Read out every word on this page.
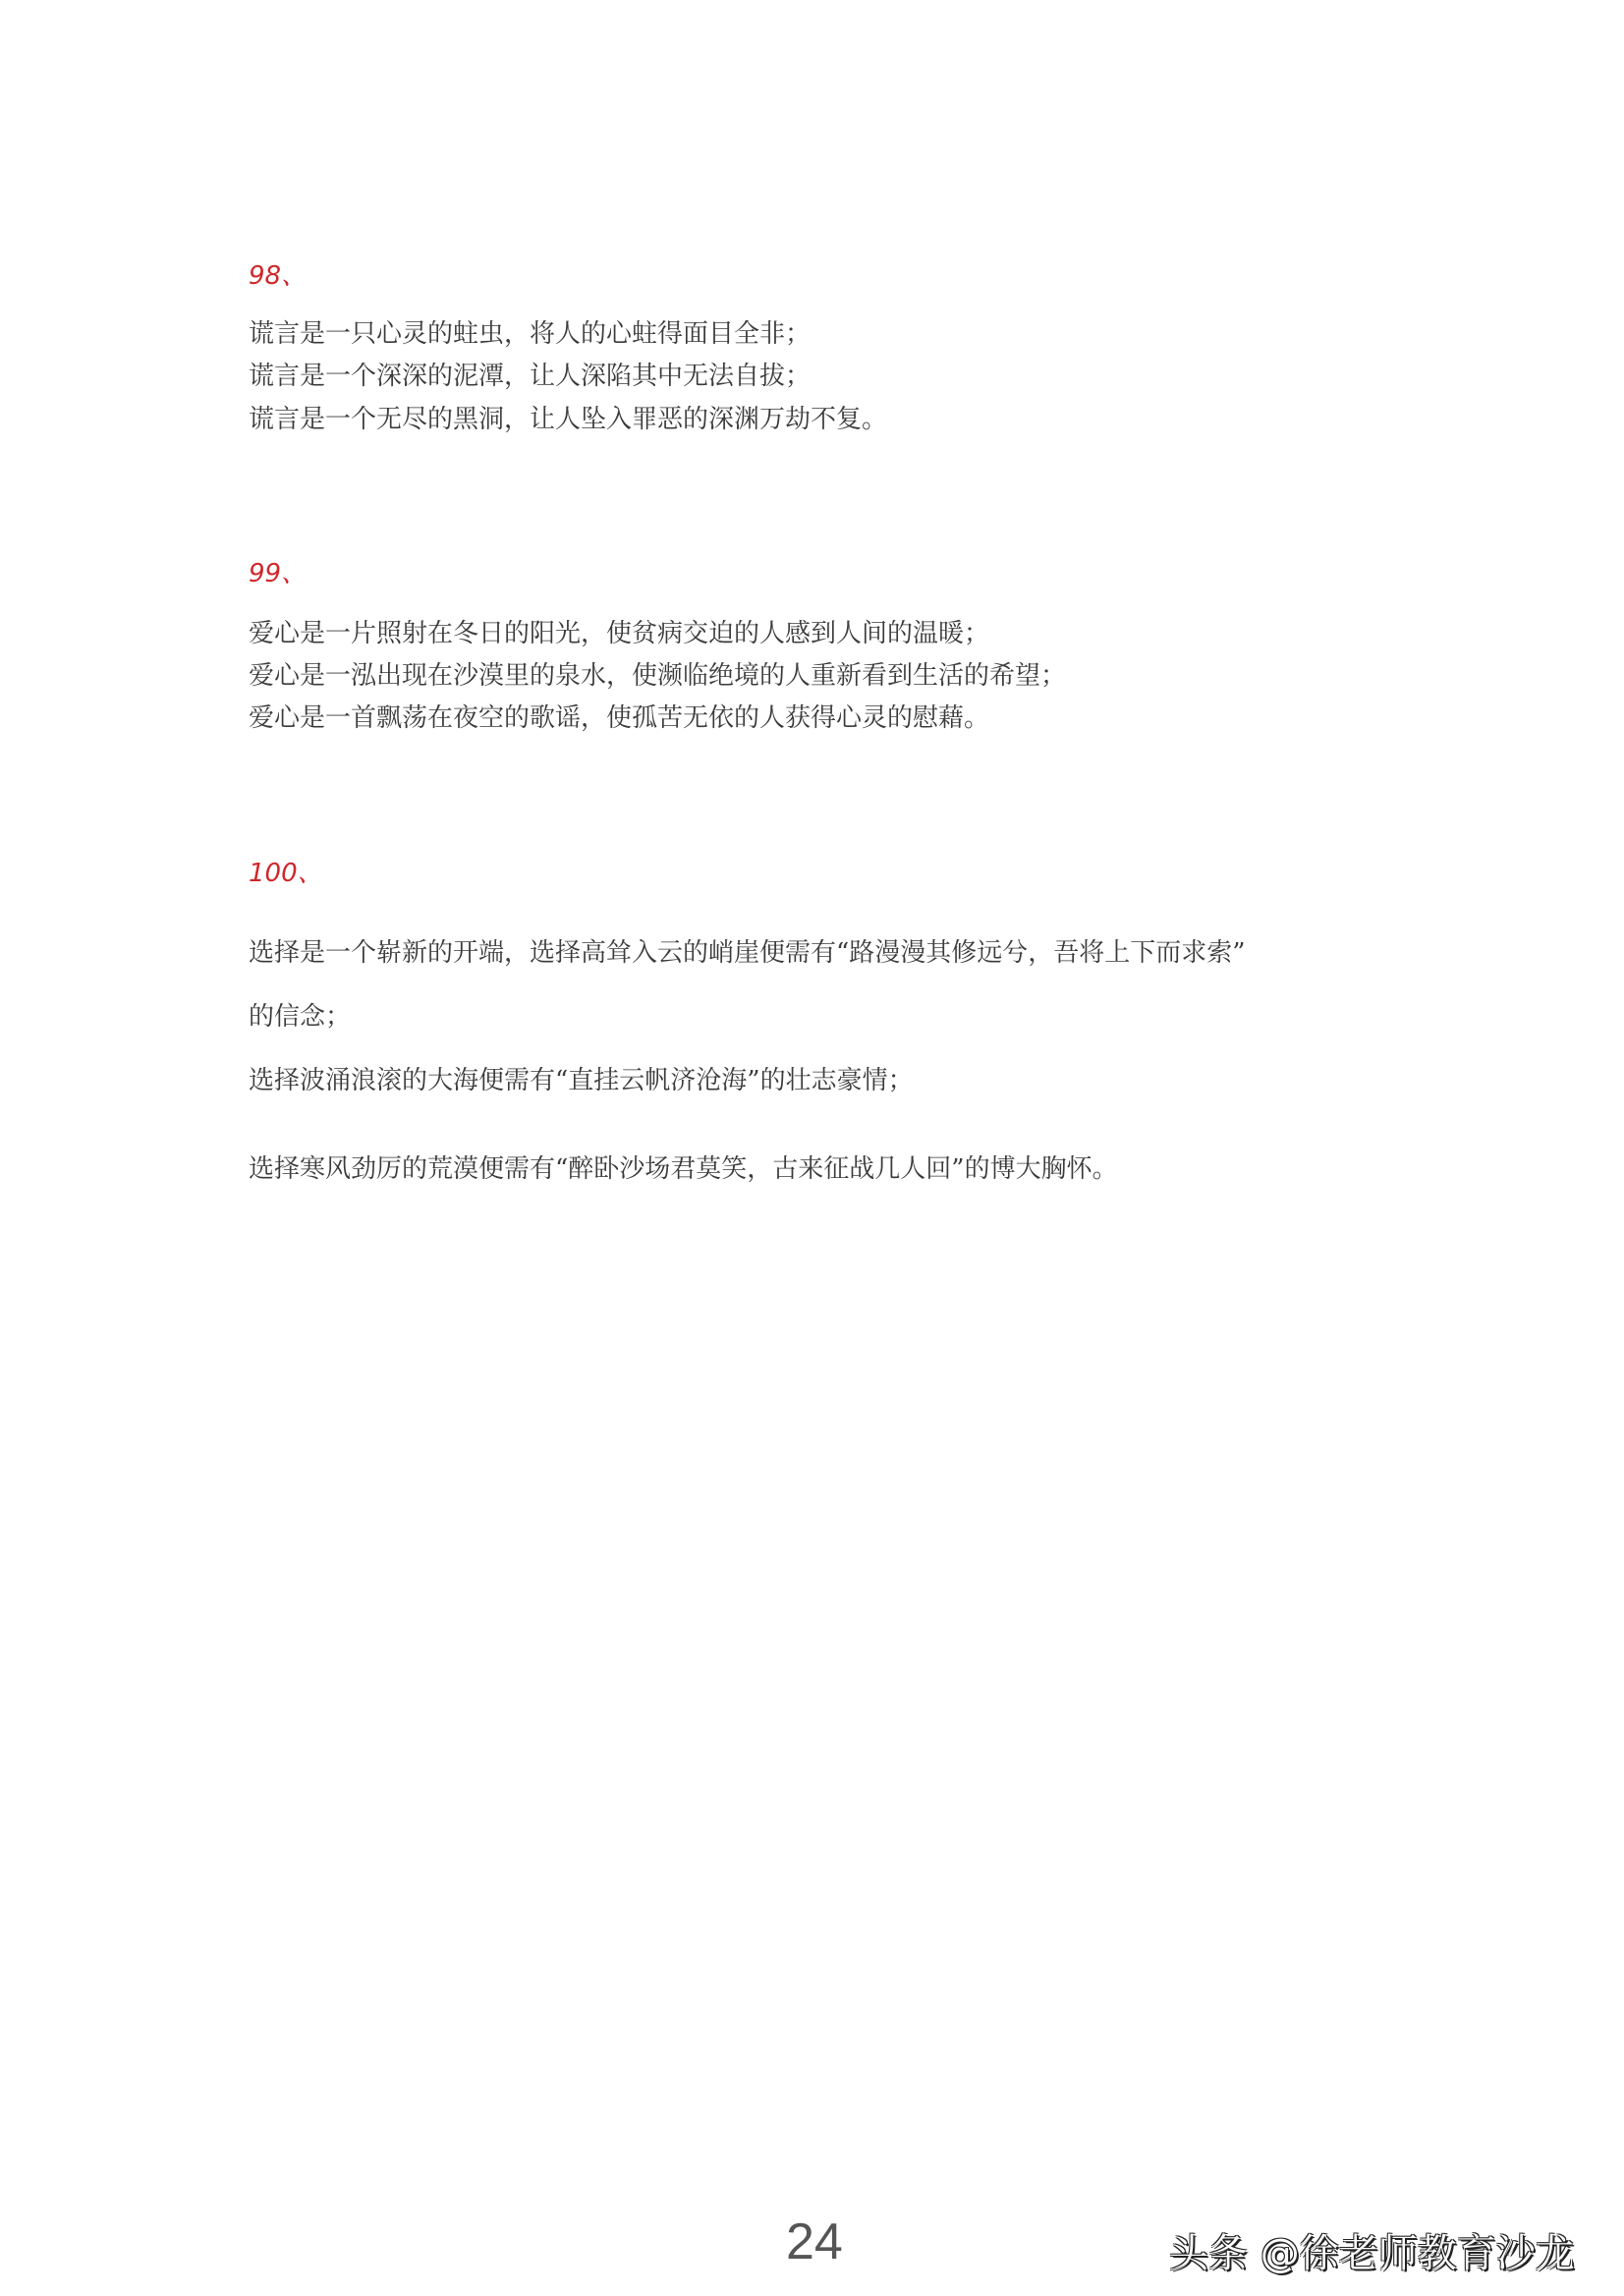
98、
谎言是一只心灵的蛀虫，将人的心蛀得面目全非；
谎言是一个深深的泥潭，让人深陷其中无法自拔；
谎言是一个无尽的黑洞，让人坠入罪恶的深渊万劫不复。
99、
爱心是一片照射在冬日的阳光，使贫病交迫的人感到人间的温暖；
爱心是一泓出现在沙漠里的泉水，使濒临绝境的人重新看到生活的希望；
爱心是一首飘荡在夜空的歌谣，使孤苦无依的人获得心灵的慰藉。
100、
选择是一个崭新的开端，选择高耸入云的峭崖便需有“路漫漫其修远兮，吾将上下而求索”
的信念；
选择波涌浪滚的大海便需有“直挂云帆济沧海”的壮志豪情；
选择寒风劲厉的荒漠便需有“醉卧沙场君莫笑，古来征战几人回”的博大胸怀。
24	头条 @徐老师教育沙龙
